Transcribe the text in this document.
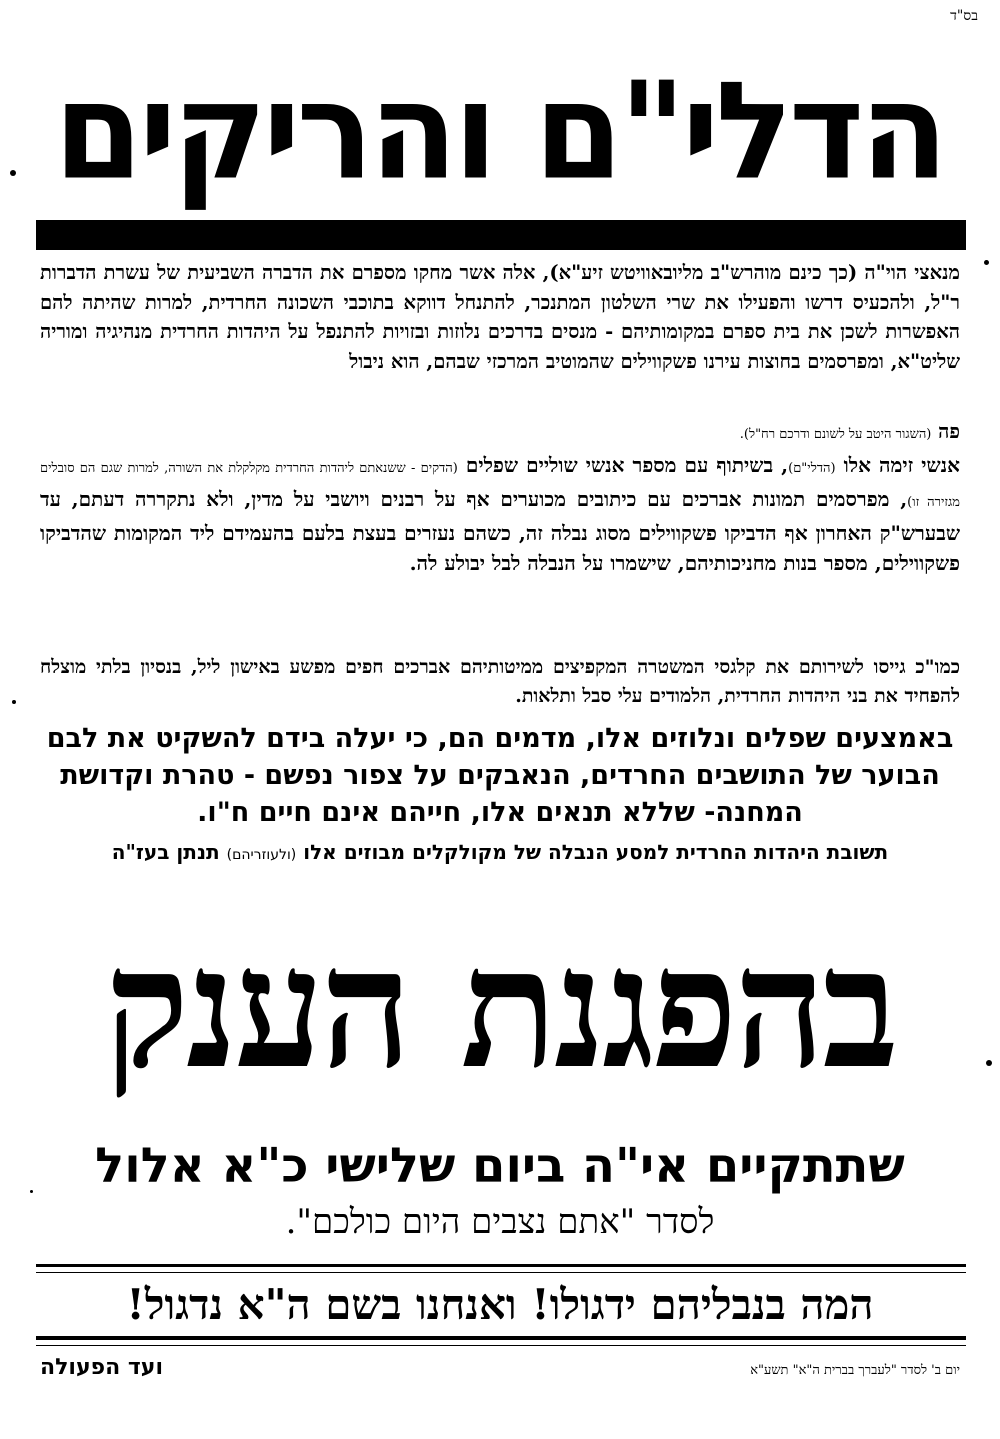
בס"ד
הדלי"ם והריקים
מנאצי הוי"ה (כך כינם מוהרש"ב מליובאוויטש זיע"א), אלה אשר מחקו מספרם את הדברה השביעית של עשרת הדברות ר"ל, ולהכעיס דרשו והפעילו את שרי השלטון המתנכר, להתנחל דווקא בתוכבי השכונה החרדית, למרות שהיתה להם האפשרות לשכן את בית ספרם במקומותיהם - מנסים בדרכים נלוזות ובזויות להתנפל על היהדות החרדית מנהיגיה ומוריה שליט"א, ומפרסמים בחוצות עירנו פשקווילים שהמוטיב המרכזי שבהם, הוא ניבול
פה (השגור היטב על לשונם ודרכם רח"ל).
אנשי זימה אלו (הדלי"ם), בשיתוף עם מספר אנשי שוליים שפלים (הדקים - ששנאתם ליהדות החרדית מקלקלת את השורה, למרות שגם הם סובלים מגזירה זו), מפרסמים תמונות אברכים עם כיתובים מכוערים אף על רבנים ויושבי על מדין, ולא נתקררה דעתם, עד שבערש"ק האחרון אף הדביקו פשקווילים מסוג נבלה זה, כשהם נעזרים בעצת בלעם בהעמידם ליד המקומות שהדביקו פשקווילים, מספר בנות מחניכותיהם, שישמרו על הנבלה לבל יבולע לה.
כמו"כ גייסו לשירותם את קלגסי המשטרה המקפיצים ממיטותיהם אברכים חפים מפשע באישון ליל, בנסיון בלתי מוצלח להפחיד את בני היהדות החרדית, הלמודים עלי סבל ותלאות.
באמצעים שפלים ונלוזים אלו, מדמים הם, כי יעלה בידם להשקיט את לבם הבוער של התושבים החרדים, הנאבקים על צפור נפשם - טהרת וקדושת המחנה- שללא תנאים אלו, חייהם אינם חיים ח"ו.
תשובת היהדות החרדית למסע הנבלה של מקולקלים מבוזים אלו (ולעוזריהם) תנתן בעז"ה
בהפגנת הענק
שתתקיים אי"ה ביום שלישי כ"א אלול
לסדר "אתם נצבים היום כולכם".
המה בנבליהם ידגולו! ואנחנו בשם ה"א נדגול!
ועד הפעולה	יום ב' לסדר "לעברך בברית ה"א" תשע"א
